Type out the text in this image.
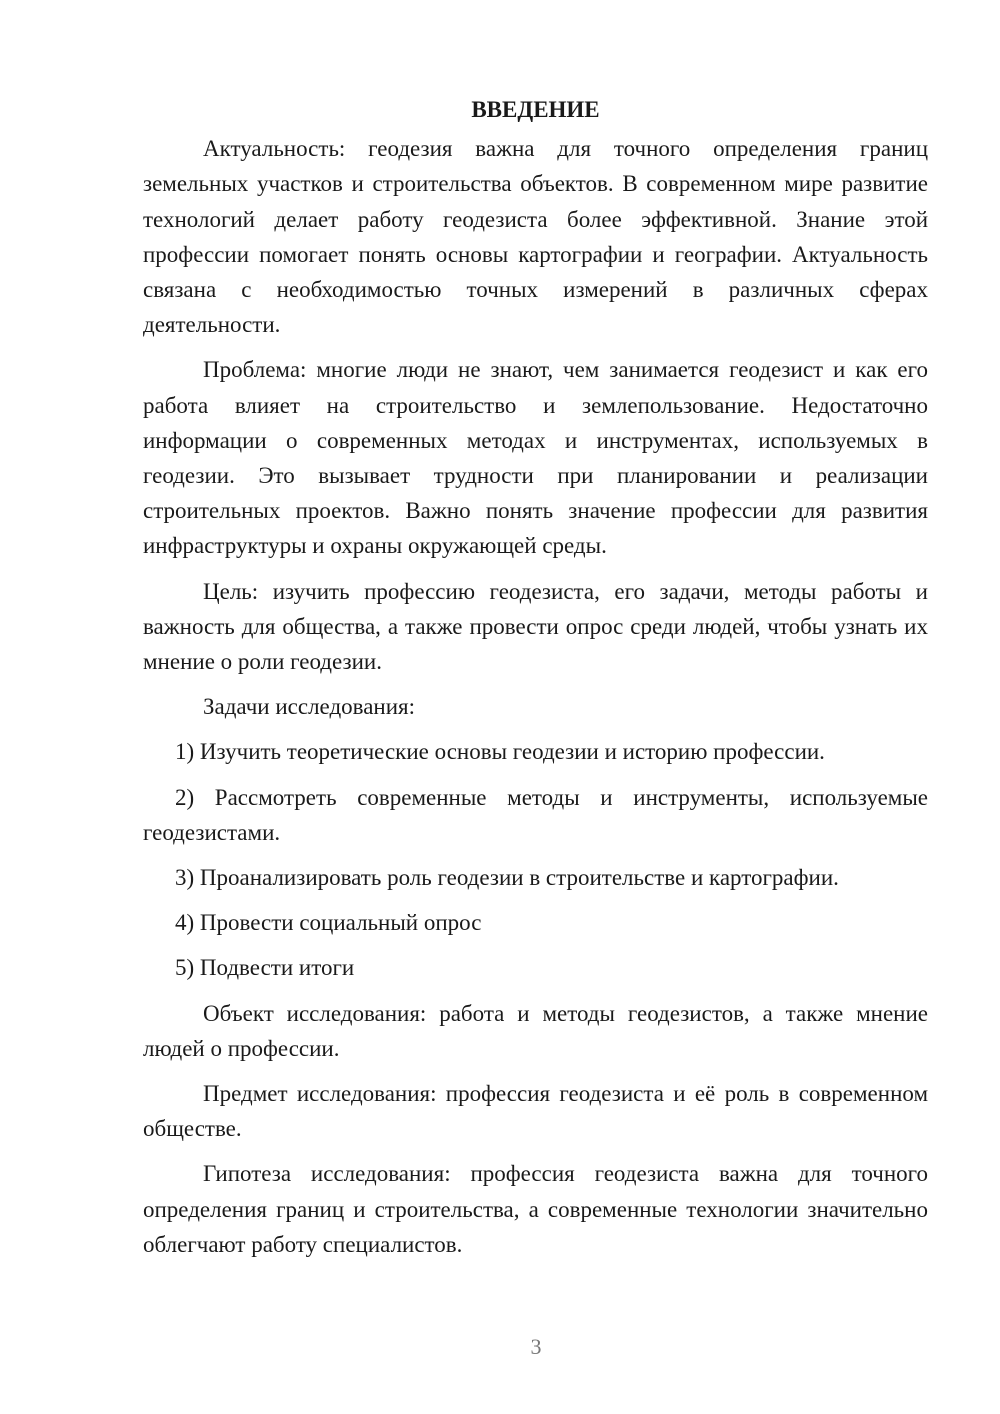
ВВЕДЕНИЕ

Актуальность: геодезия важна для точного определения границ земельных участков и строительства объектов. В современном мире развитие технологий делает работу геодезиста более эффективной. Знание этой профессии помогает понять основы картографии и географии. Актуальность связана с необходимостью точных измерений в различных сферах деятельности.

Проблема: многие люди не знают, чем занимается геодезист и как его работа влияет на строительство и землепользование. Недостаточно информации о современных методах и инструментах, используемых в геодезии. Это вызывает трудности при планировании и реализации строительных проектов. Важно понять значение профессии для развития инфраструктуры и охраны окружающей среды.

Цель: изучить профессию геодезиста, его задачи, методы работы и важность для общества, а также провести опрос среди людей, чтобы узнать их мнение о роли геодезии.

Задачи исследования:

1) Изучить теоретические основы геодезии и историю профессии.

2) Рассмотреть современные методы и инструменты, используемые геодезистами.

3) Проанализировать роль геодезии в строительстве и картографии.

4) Провести социальный опрос

5) Подвести итоги

Объект исследования: работа и методы геодезистов, а также мнение людей о профессии.

Предмет исследования: профессия геодезиста и её роль в современном обществе.

Гипотеза исследования: профессия геодезиста важна для точного определения границ и строительства, а современные технологии значительно облегчают работу специалистов.

3
